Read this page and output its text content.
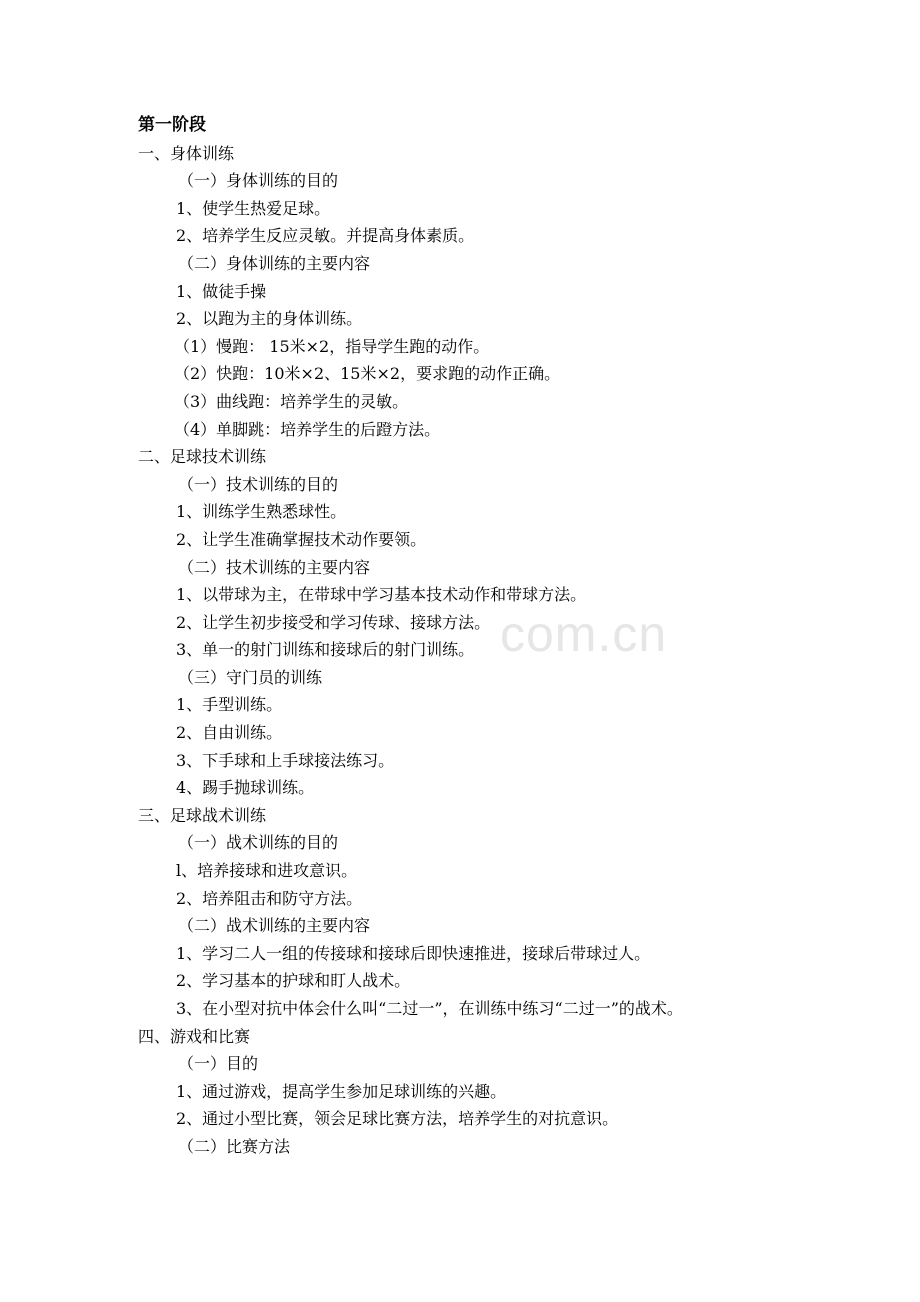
com.cn
第一阶段
一、身体训练
（一）身体训练的目的
1、使学生热爱足球。
2、培养学生反应灵敏。并提高身体素质。
（二）身体训练的主要内容
1、做徒手操
2、以跑为主的身体训练。
（1）慢跑： 15米×2，指导学生跑的动作。
（2）快跑：10米×2、15米×2，要求跑的动作正确。
（3）曲线跑：培养学生的灵敏。
（4）单脚跳：培养学生的后蹬方法。
二、足球技术训练
（一）技术训练的目的
1、训练学生熟悉球性。
2、让学生准确掌握技术动作要领。
（二）技术训练的主要内容
1、以带球为主，在带球中学习基本技术动作和带球方法。
2、让学生初步接受和学习传球、接球方法。
3、单一的射门训练和接球后的射门训练。
（三）守门员的训练
1、手型训练。
2、自由训练。
3、下手球和上手球接法练习。
4、踢手抛球训练。
三、足球战术训练
（一）战术训练的目的
l、培养接球和进攻意识。
2、培养阻击和防守方法。
（二）战术训练的主要内容
1、学习二人一组的传接球和接球后即快速推进，接球后带球过人。
2、学习基本的护球和盯人战术。
3、在小型对抗中体会什么叫“二过一”，在训练中练习“二过一”的战术。
四、游戏和比赛
（一）目的
1、通过游戏，提高学生参加足球训练的兴趣。
2、通过小型比赛，领会足球比赛方法，培养学生的对抗意识。
（二）比赛方法
